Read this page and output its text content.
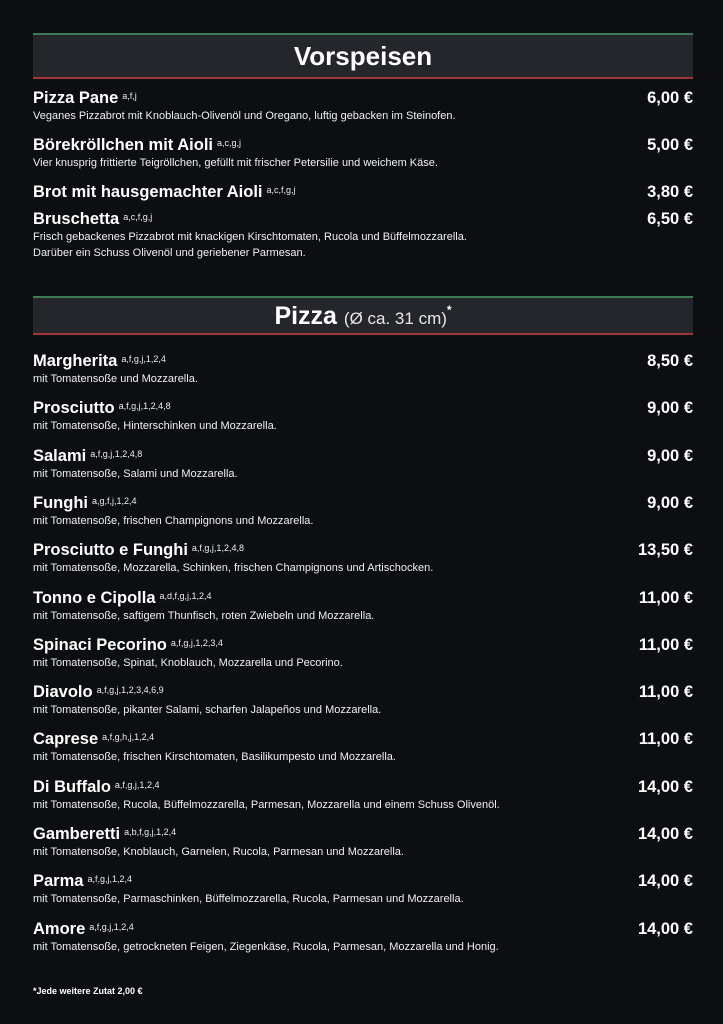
Vorspeisen
Pizza (Ø ca. 31 cm)*
Pizza Pane $^{a,f,j}$	6,00 €
Veganes Pizzabrot mit Knoblauch-Olivenöl und Oregano, luftig gebacken im Steinofen.
Börekröllchen mit Aioli $^{a,c,g,j}$	5,00 €
Vier knusprig frittierte Teigröllchen, gefüllt mit frischer Petersilie und weichem Käse.
Brot mit hausgemachter Aioli $^{a,c,f,g,j}$	3,80 €
Bruschetta $^{a,c,f,g,j}$	6,50 €
Frisch gebackenes Pizzabrot mit knackigen Kirschtomaten, Rucola und Büffelmozzarella.
Darüber ein Schuss Olivenöl und geriebener Parmesan.
Margherita $^{a,f,g,j,1,2,4}$	8,50 €
mit Tomatensoße und Mozzarella.
Prosciutto $^{a,f,g,j,1,2,4,8}$	9,00 €
mit Tomatensoße, Hinterschinken und Mozzarella.
Salami $^{a,f,g,j,1,2,4,8}$	9,00 €
mit Tomatensoße, Salami und Mozzarella.
Funghi $^{a,g,f,j,1,2,4}$	9,00 €
mit Tomatensoße, frischen Champignons und Mozzarella.
Prosciutto e Funghi $^{a,f,g,j,1,2,4,8}$	13,50 €
mit Tomatensoße, Mozzarella, Schinken, frischen Champignons und Artischocken.
Tonno e Cipolla $^{a,d,f,g,j,1,2,4}$	11,00 €
mit Tomatensoße, saftigem Thunfisch, roten Zwiebeln und Mozzarella.
Spinaci Pecorino $^{a,f,g,j,1,2,3,4}$	11,00 €
mit Tomatensoße, Spinat, Knoblauch, Mozzarella und Pecorino.
Diavolo $^{a,f,g,j,1,2,3,4,6,9}$	11,00 €
mit Tomatensoße, pikanter Salami, scharfen Jalapeños und Mozzarella.
Caprese $^{a,f,g,h,j,1,2,4}$	11,00 €
mit Tomatensoße, frischen Kirschtomaten, Basilikumpesto und Mozzarella.
Di Buffalo $^{a,f,g,j,1,2,4}$	14,00 €
mit Tomatensoße, Rucola, Büffelmozzarella, Parmesan, Mozzarella und einem Schuss Olivenöl.
Gamberetti $^{a,b,f,g,j,1,2,4}$	14,00 €
mit Tomatensoße, Knoblauch, Garnelen, Rucola, Parmesan und Mozzarella.
Parma $^{a,f,g,j,1,2,4}$	14,00 €
mit Tomatensoße, Parmaschinken, Büffelmozzarella, Rucola, Parmesan und Mozzarella.
Amore $^{a,f,g,j,1,2,4}$	14,00 €
mit Tomatensoße, getrockneten Feigen, Ziegenkäse, Rucola, Parmesan, Mozzarella und Honig.
*Jede weitere Zutat 2,00 €
